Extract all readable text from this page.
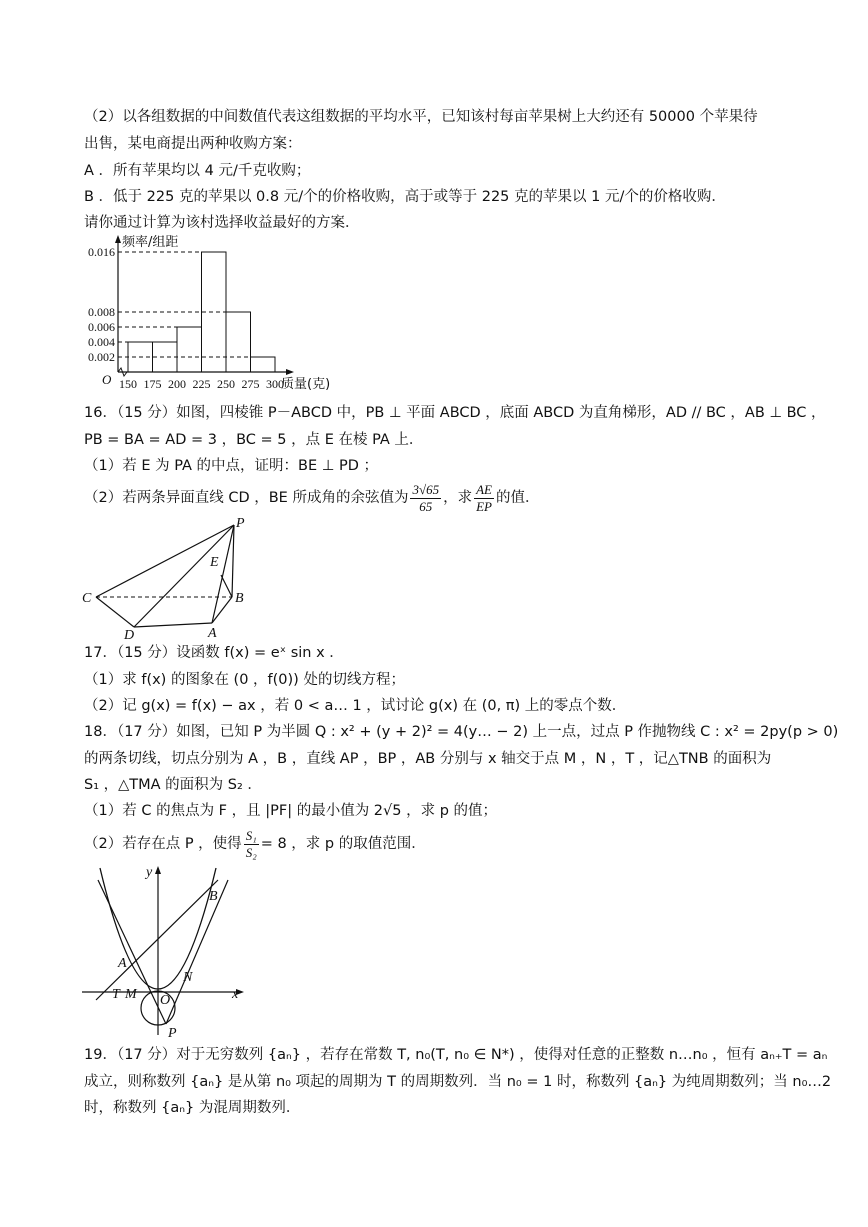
（2）以各组数据的中间数值代表这组数据的平均水平，已知该村每亩苹果树上大约还有 50000 个苹果待
出售，某电商提出两种收购方案：
A ．所有苹果均以 4 元/千克收购；
B ．低于 225 克的苹果以 0.8 元/个的价格收购，高于或等于 225 克的苹果以 1 元/个的价格收购．
请你通过计算为该村选择收益最好的方案．
频率/组距
O	质量(克)
0.016
0.008
0.006
0.004
0.002
150 175 200 225 250 275 300
16．（15 分）如图，四棱锥 P－ABCD 中，PB ⊥ 平面 ABCD ，底面 ABCD 为直角梯形，AD // BC ，AB ⊥ BC ，
PB = BA = AD = 3 ，BC = 5 ，点 E 在棱 PA 上．
（1）若 E 为 PA 的中点，证明：BE ⊥ PD ；
（2）若两条异面直线 CD ，BE 所成角的余弦值为 $\frac{3√65}{65}$ ，求 $\frac{AE}{EP}$ 的值．
P
E
C	B
D	A
17．（15 分）设函数 f(x) = eˣ sin x ．
（1）求 f(x) 的图象在 (0 ，f(0)) 处的切线方程；
（2）记 g(x) = f(x) − ax ，若 0 < a… 1 ，试讨论 g(x) 在 (0, π) 上的零点个数．
18．（17 分）如图，已知 P 为半圆 Q : x² + (y + 2)² = 4(y… − 2) 上一点，过点 P 作抛物线 C : x² = 2py(p > 0)
的两条切线，切点分别为 A ，B ，直线 AP ，BP ，AB 分别与 x 轴交于点 M ，N ，T ，记△TNB 的面积为
S₁ ，△TMA 的面积为 S₂ ．
（1）若 C 的焦点为 F ，且 |PF| 的最小值为 2√5 ，求 p 的值；
（2）若存在点 P ，使得 $\frac{\text{S₁}}{\text{S₂}} = 8$ ，求 p 的取值范围．
y
x
B
A
N
T M O
P
19．（17 分）对于无穷数列 {aₙ} ，若存在常数 T, n₀(T, n₀ ∈ N*) ，使得对任意的正整数 n…n₀ ，恒有 aₙ₊T = aₙ
成立，则称数列 {aₙ} 是从第 n₀ 项起的周期为 T 的周期数列．当 n₀ = 1 时，称数列 {aₙ} 为纯周期数列；当 n₀…2
时，称数列 {aₙ} 为混周期数列．
